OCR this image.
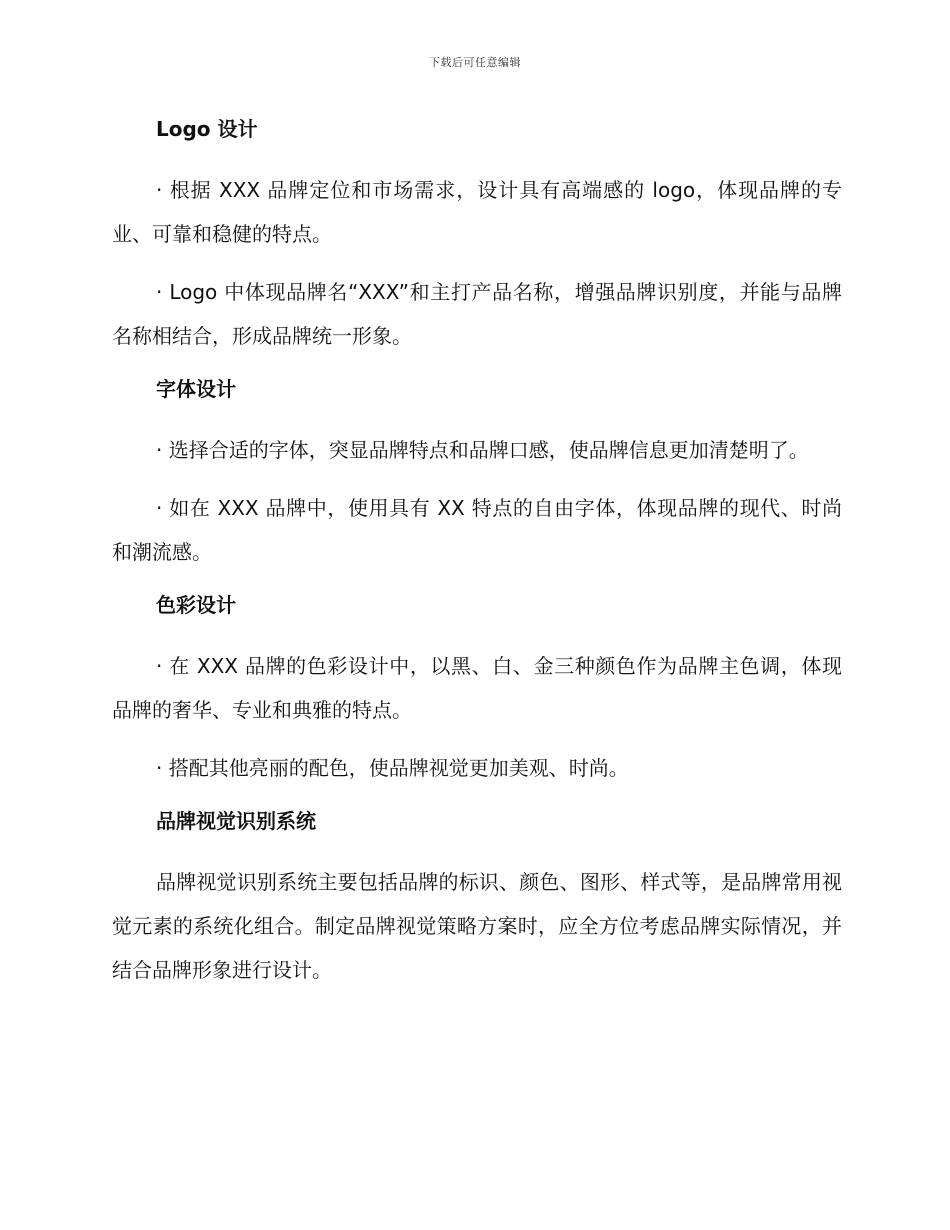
下载后可任意编辑
Logo 设计

· 根据 XXX 品牌定位和市场需求，设计具有高端感的 logo，体现品牌的专业、可靠和稳健的特点。

· Logo 中体现品牌名“XXX”和主打产品名称，增强品牌识别度，并能与品牌名称相结合，形成品牌统一形象。

字体设计

· 选择合适的字体，突显品牌特点和品牌口感，使品牌信息更加清楚明了。

· 如在 XXX 品牌中，使用具有 XX 特点的自由字体，体现品牌的现代、时尚和潮流感。

色彩设计

· 在 XXX 品牌的色彩设计中，以黑、白、金三种颜色作为品牌主色调，体现品牌的奢华、专业和典雅的特点。

· 搭配其他亮丽的配色，使品牌视觉更加美观、时尚。

品牌视觉识别系统

品牌视觉识别系统主要包括品牌的标识、颜色、图形、样式等，是品牌常用视觉元素的系统化组合。制定品牌视觉策略方案时，应全方位考虑品牌实际情况，并结合品牌形象进行设计。
